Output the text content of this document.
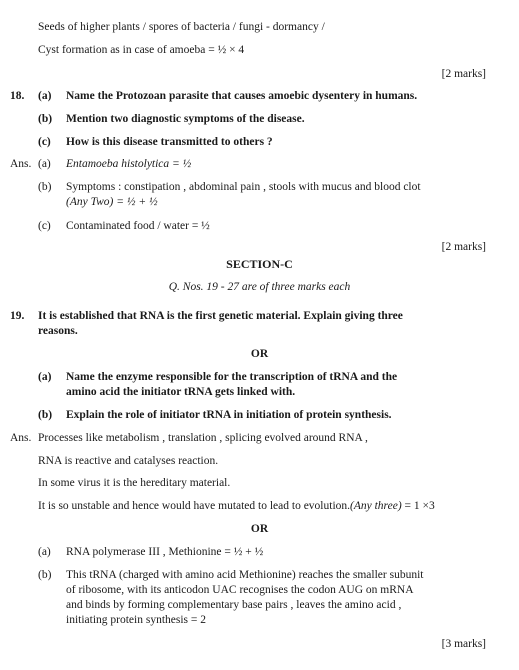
Seeds of higher plants / spores of bacteria / fungi - dormancy /
Cyst formation as in case of amoeba = ½ × 4
[2 marks]
18. (a) Name the Protozoan parasite that causes amoebic dysentery in humans.
(b) Mention two diagnostic symptoms of the disease.
(c) How is this disease transmitted to others ?
Ans. (a) Entamoeba histolytica = ½
(b) Symptoms : constipation , abdominal pain , stools with mucus and blood clot
(Any Two) = ½ + ½
(c) Contaminated food / water = ½
[2 marks]
SECTION-C
Q. Nos. 19 - 27 are of three marks each
19. It is established that RNA is the first genetic material. Explain giving three
reasons.
OR
(a) Name the enzyme responsible for the transcription of tRNA and the
amino acid the initiator tRNA gets linked with.
(b) Explain the role of initiator tRNA in initiation of protein synthesis.
Ans. Processes like metabolism , translation , splicing evolved around RNA ,
RNA is reactive and catalyses reaction.
In some virus it is the hereditary material.
It is so unstable and hence would have mutated to lead to evolution.(Any three) = 1 ×3
OR
(a) RNA polymerase III , Methionine = ½ + ½
(b) This tRNA (charged with amino acid Methionine) reaches the smaller subunit
of ribosome, with its anticodon UAC recognises the codon AUG on mRNA
and binds by forming complementary base pairs , leaves the amino acid ,
initiating protein synthesis = 2
[3 marks]
